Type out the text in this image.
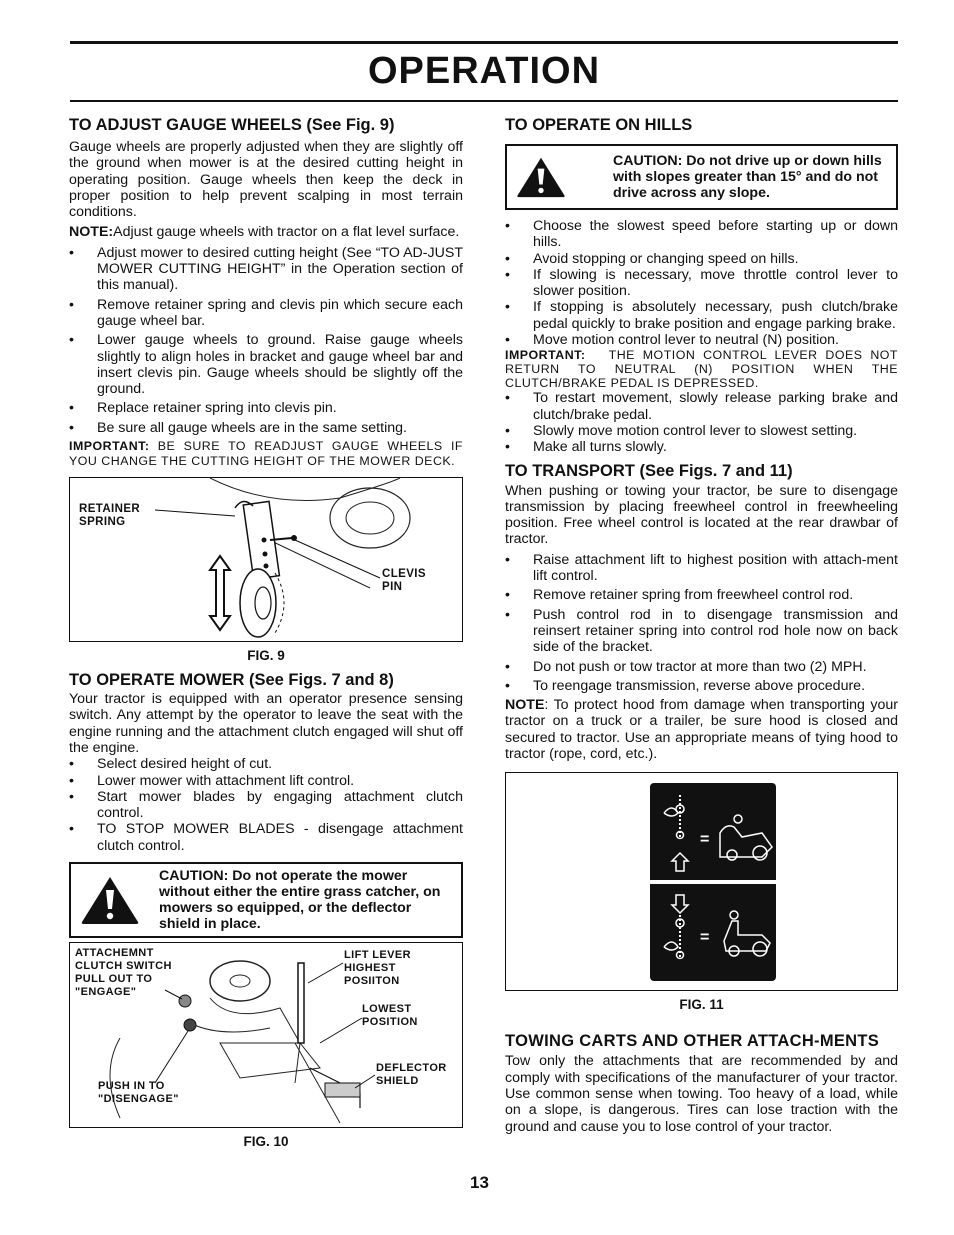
OPERATION
TO ADJUST GAUGE WHEELS (See Fig. 9)

Gauge wheels are properly adjusted when they are slightly off the ground when mower is at the desired cutting height in operating position. Gauge wheels then keep the deck in proper position to help prevent scalping in most terrain conditions.

NOTE:Adjust gauge wheels with tractor on a flat level surface.

• Adjust mower to desired cutting height (See “TO AD-JUST MOWER CUTTING HEIGHT” in the Operation section of this manual).
• Remove retainer spring and clevis pin which secure each gauge wheel bar.
• Lower gauge wheels to ground. Raise gauge wheels slightly to align holes in bracket and gauge wheel bar and insert clevis pin. Gauge wheels should be slightly off the ground.
• Replace retainer spring into clevis pin.
• Be sure all gauge wheels are in the same setting.

IMPORTANT: BE SURE TO READJUST GAUGE WHEELS IF YOU CHANGE THE CUTTING HEIGHT OF THE MOWER DECK.

RETAINER
SPRING
CLEVIS
PIN
FIG. 9
TO OPERATE MOWER (See Figs. 7 and 8)

Your tractor is equipped with an operator presence sensing switch. Any attempt by the operator to leave the seat with the engine running and the attachment clutch engaged will shut off the engine.

• Select desired height of cut.
• Lower mower with attachment lift control.
• Start mower blades by engaging attachment clutch control.
• TO STOP MOWER BLADES - disengage attachment clutch control.
CAUTION: Do not operate the mower without either the entire grass catcher, on mowers so equipped, or the deflector shield in place.
ATTACHEMNT
CLUTCH SWITCH
PULL OUT TO
"ENGAGE"
PUSH IN TO
"DISENGAGE"
LIFT LEVER
HIGHEST
POSIITON
LOWEST
POSITION
DEFLECTOR
SHIELD
FIG. 10
TO OPERATE ON HILLS
CAUTION: Do not drive up or down hills with slopes greater than 15° and do not drive across any slope.
• Choose the slowest speed before starting up or down hills.
• Avoid stopping or changing speed on hills.
• If slowing is necessary, move throttle control lever to slower position.
• If stopping is absolutely necessary, push clutch/brake pedal quickly to brake position and engage parking brake.
• Move motion control lever to neutral (N) position.

IMPORTANT: THE MOTION CONTROL LEVER DOES NOT RETURN TO NEUTRAL (N) POSITION WHEN THE CLUTCH/BRAKE PEDAL IS DEPRESSED.

• To restart movement, slowly release parking brake and clutch/brake pedal.
• Slowly move motion control lever to slowest setting.
• Make all turns slowly.
TO TRANSPORT (See Figs. 7 and 11)

When pushing or towing your tractor, be sure to disengage transmission by placing freewheel control in freewheeling position. Free wheel control is located at the rear drawbar of tractor.

• Raise attachment lift to highest position with attach-ment lift control.
• Remove retainer spring from freewheel control rod.
• Push control rod in to disengage transmission and reinsert retainer spring into control rod hole now on back side of the bracket.
• Do not push or tow tractor at more than two (2) MPH.
• To reengage transmission, reverse above procedure.

NOTE: To protect hood from damage when transporting your tractor on a truck or a trailer, be sure hood is closed and secured to tractor. Use an appropriate means of tying hood to tractor (rope, cord, etc.).

=
=
FIG. 11
TOWING CARTS AND OTHER ATTACH-MENTS

Tow only the attachments that are recommended by and comply with specifications of the manufacturer of your tractor. Use common sense when towing. Too heavy of a load, while on a slope, is dangerous. Tires can lose traction with the ground and cause you to lose control of your tractor.

13
